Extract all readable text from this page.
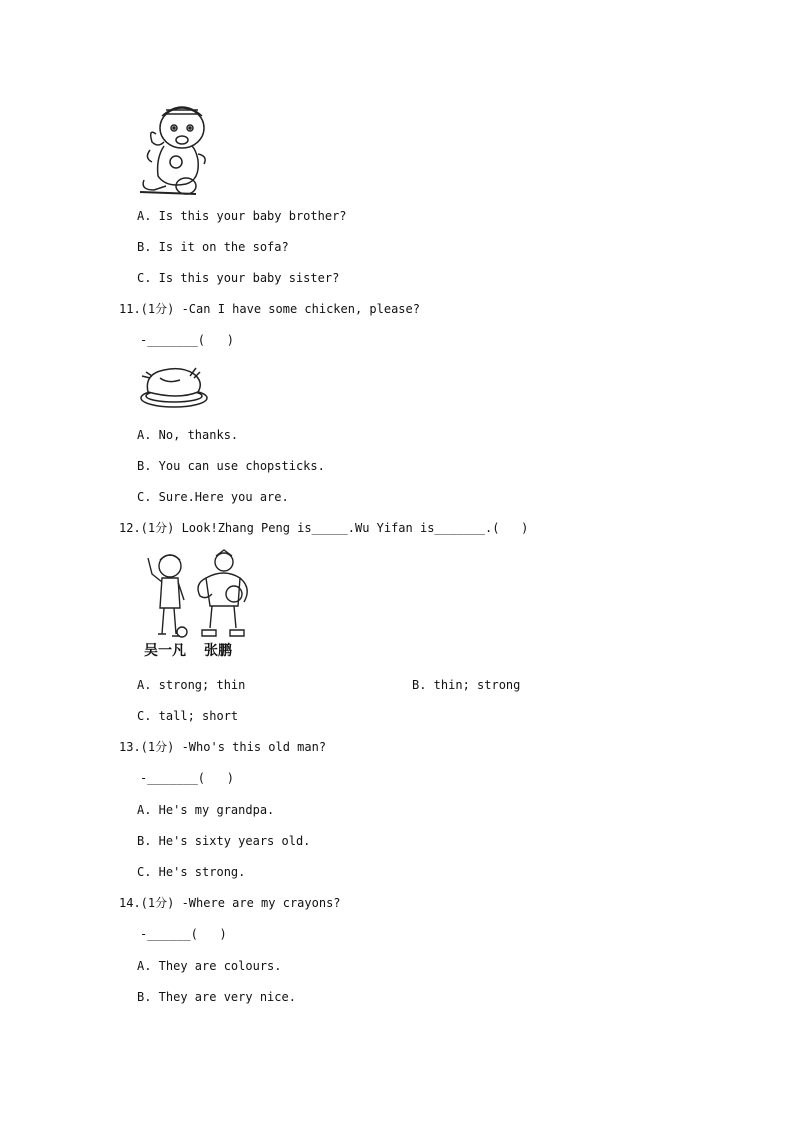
A. Is this your baby brother?
B. Is it on the sofa?
C. Is this your baby sister?
11.(1分) -Can I have some chicken, please?
-_______(   )
A. No, thanks.
B. You can use chopsticks.
C. Sure.Here you are.
12.(1分) Look!Zhang Peng is_____.Wu Yifan is_______.(   )
吴一凡 张鹏
A. strong; thin	B. thin; strong
C. tall; short
13.(1分) -Who's this old man?
-_______(   )
A. He's my grandpa.
B. He's sixty years old.
C. He's strong.
14.(1分) -Where are my crayons?
-______(   )
A. They are colours.
B. They are very nice.
